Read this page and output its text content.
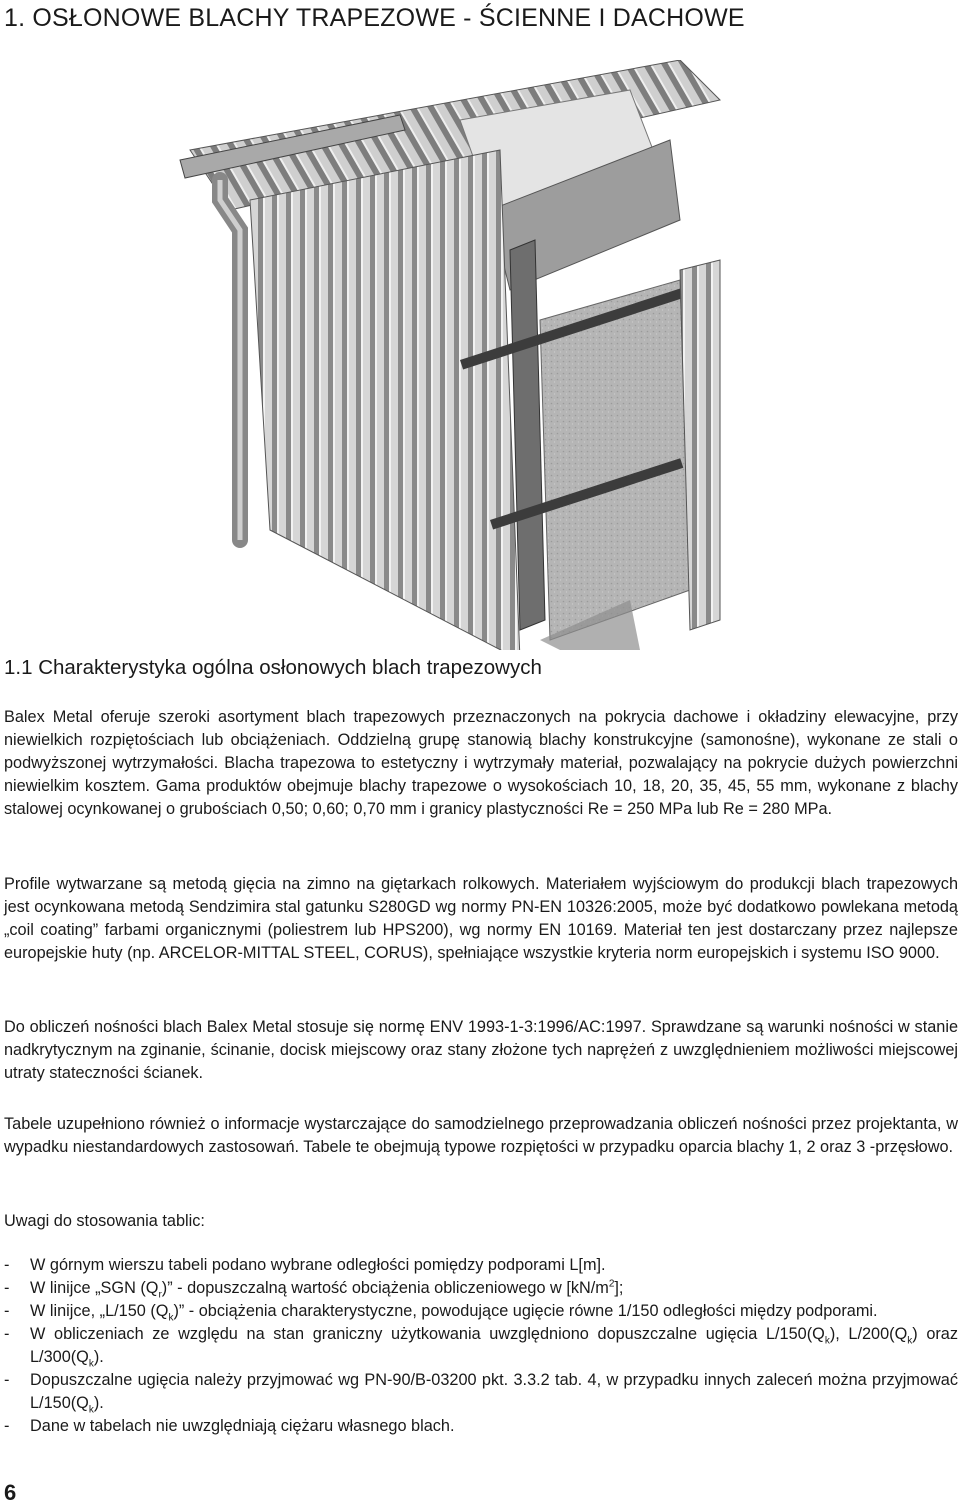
1. OSŁONOWE BLACHY TRAPEZOWE - ŚCIENNE I DACHOWE
1.1 Charakterystyka ogólna osłonowych blach trapezowych

Balex Metal oferuje szeroki asortyment blach trapezowych przeznaczonych na pokrycia dachowe i okładziny elewacyjne, przy niewielkich rozpiętościach lub obciążeniach. Oddzielną grupę stanowią blachy konstrukcyjne (samonośne), wykonane ze stali o podwyższonej wytrzymałości. Blacha trapezowa to estetyczny i wytrzymały materiał, pozwalający na pokrycie dużych powierzchni niewielkim kosztem. Gama produktów obejmuje blachy trapezowe o wysokościach 10, 18, 20, 35, 45, 55 mm, wykonane z blachy stalowej ocynkowanej o grubościach 0,50; 0,60; 0,70 mm i granicy plastyczności Re = 250 MPa lub Re = 280 MPa.

Profile wytwarzane są metodą gięcia na zimno na giętarkach rolkowych. Materiałem wyjściowym do produkcji blach trapezowych jest ocynkowana metodą Sendzimira stal gatunku S280GD wg normy PN-EN 10326:2005, może być dodatkowo powlekana metodą „coil coating” farbami organicznymi (poliestrem lub HPS200), wg normy EN 10169. Materiał ten jest dostarczany przez najlepsze europejskie huty (np. ARCELOR-MITTAL STEEL, CORUS), spełniające wszystkie kryteria norm europejskich i systemu ISO 9000.

Do obliczeń nośności blach Balex Metal stosuje się normę ENV 1993-1-3:1996/AC:1997. Sprawdzane są warunki nośności w stanie nadkrytycznym na zginanie, ścinanie, docisk miejscowy oraz stany złożone tych naprężeń z uwzględnieniem możliwości miejscowej utraty stateczności ścianek.

Tabele uzupełniono również o informacje wystarczające do samodzielnego przeprowadzania obliczeń nośności przez projektanta, w wypadku niestandardowych zastosowań. Tabele te obejmują typowe rozpiętości w przypadku oparcia blachy 1, 2 oraz 3 -przęsłowo.

Uwagi do stosowania tablic:

- W górnym wierszu tabeli podano wybrane odległości pomiędzy podporami L[m].
- W linijce „SGN $(Q_r)$” - dopuszczalną wartość obciążenia obliczeniowego w $[kN/m^2]$;
- W linijce, „L/150 $(Q_k)$” - obciążenia charakterystyczne, powodujące ugięcie równe 1/150 odległości między podporami.
- W obliczeniach ze względu na stan graniczny użytkowania uwzględniono dopuszczalne ugięcia $L/150(Q_k)$, $L/200(Q_k)$ oraz $L/300(Q_k)$.
- Dopuszczalne ugięcia należy przyjmować wg PN-90/B-03200 pkt. 3.3.2 tab. 4, w przypadku innych zaleceń można przyjmować $L/150(Q_k)$.
- Dane w tabelach nie uwzględniają ciężaru własnego blach.

6
